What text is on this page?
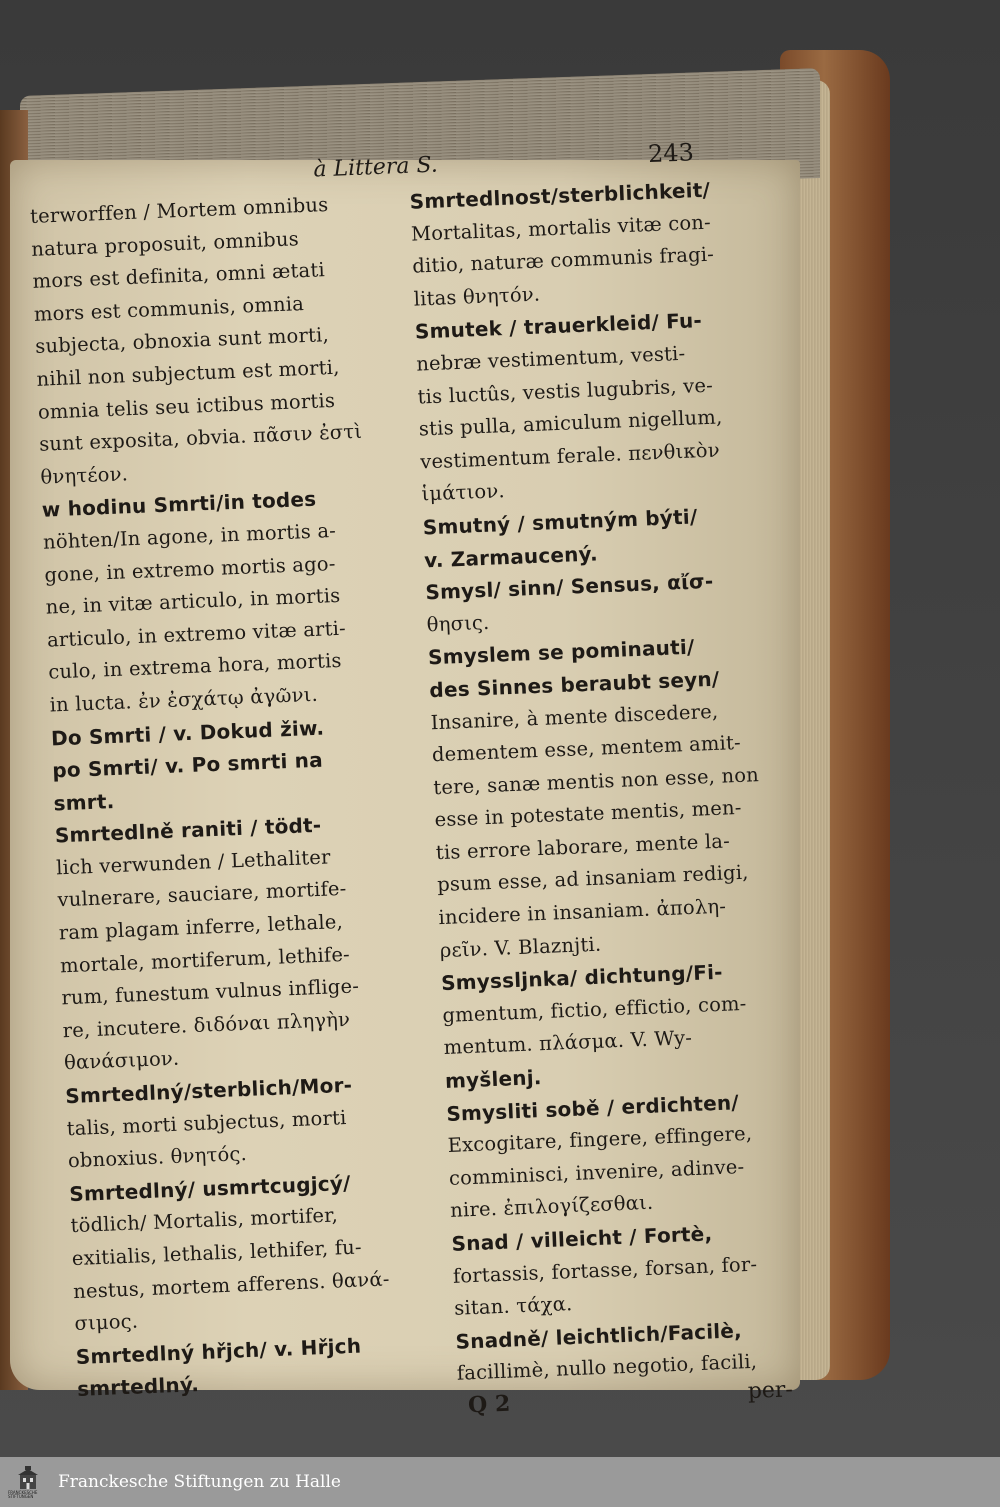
à Littera S.	243
terworffen / Mortem omnibus
natura proposuit, omnibus
mors est definita, omni ætati
mors est communis, omnia
subjecta, obnoxia sunt morti,
nihil non subjectum est morti,
omnia telis seu ictibus mortis
sunt exposita, obvia. πᾶσιν ἐστὶ
θνητέον.
w hodinu Smrti/in todes
nöhten/In agone, in mortis a-
gone, in extremo mortis ago-
ne, in vitæ articulo, in mortis
articulo, in extremo vitæ arti-
culo, in extrema hora, mortis
in lucta. ἐν ἐσχάτῳ ἀγῶνι.
Do Smrti / v. Dokud žiw.
po Smrti/ v. Po smrti na
smrt.
Smrtedlně raniti / tödt-
lich verwunden / Lethaliter
vulnerare, sauciare, mortife-
ram plagam inferre, lethale,
mortale, mortiferum, lethife-
rum, funestum vulnus inflige-
re, incutere. διδόναι πληγὴν
θανάσιμον.
Smrtedlný/sterblich/Mor-
talis, morti subjectus, morti
obnoxius. θνητός.
Smrtedlný/ usmrtcugjcý/
tödlich/ Mortalis, mortifer,
exitialis, lethalis, lethifer, fu-
nestus, mortem afferens. θανά-
σιμος.
Smrtedlný hřjch/ v. Hřjch
smrtedlný.
Smrtedlnost/sterblichkeit/
Mortalitas, mortalis vitæ con-
ditio, naturæ communis fragi-
litas θνητόν.
Smutek / trauerkleid/ Fu-
nebræ vestimentum, vesti-
tis luctûs, vestis lugubris, ve-
stis pulla, amiculum nigellum,
vestimentum ferale. πενθικὸν
ἱμάτιον.
Smutný / smutným býti/
v. Zarmaucený.
Smysl/ sinn/ Sensus, αἴσ-
θησις.
Smyslem se pominauti/
des Sinnes beraubt seyn/
Insanire, à mente discedere,
dementem esse, mentem amit-
tere, sanæ mentis non esse, non
esse in potestate mentis, men-
tis errore laborare, mente la-
psum esse, ad insaniam redigi,
incidere in insaniam. ἀπολη-
ρεῖν. V. Blaznjti.
Smyssljnka/ dichtung/Fi-
gmentum, fictio, effictio, com-
mentum. πλάσμα. V. Wy-
myšlenj.
Smysliti sobě / erdichten/
Excogitare, fingere, effingere,
comminisci, invenire, adinve-
nire. ἐπιλογίζεσθαι.
Snad / villeicht / Fortè,
fortassis, fortasse, forsan, for-
sitan. τάχα.
Snadně/ leichtlich/Facilè,
facillimè, nullo negotio, facili,
Q 2	per-
FRANCKESCHE STIFTUNGEN
Franckesche Stiftungen zu Halle
